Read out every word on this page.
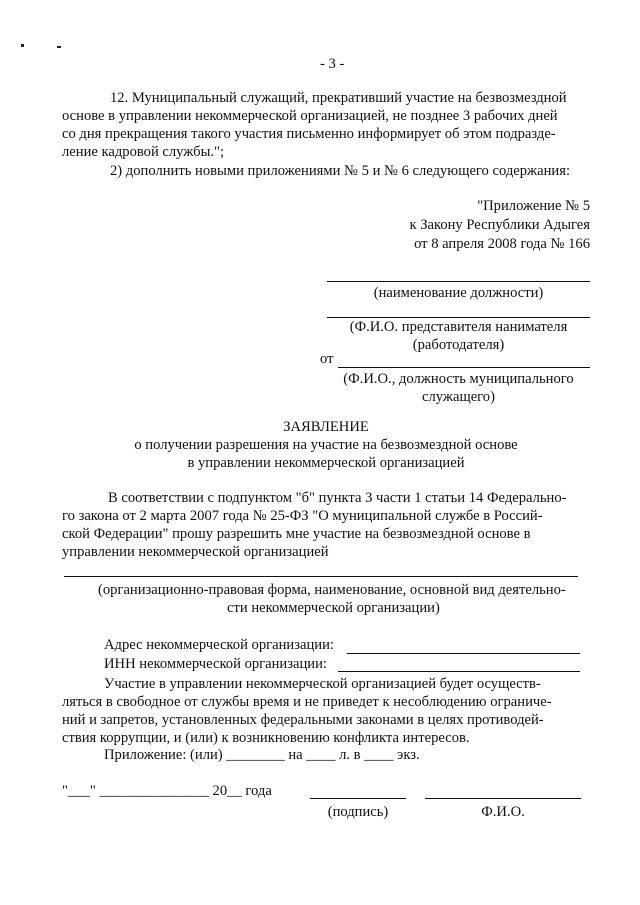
- 3 -
12. Муниципальный служащий, прекративший участие на безвозмездной
основе в управлении некоммерческой организацией, не позднее 3 рабочих дней
со дня прекращения такого участия письменно информирует об этом подразде-
ление кадровой службы.";
2) дополнить новыми приложениями № 5 и № 6 следующего содержания:
"Приложение № 5
к Закону Республики Адыгея
от 8 апреля 2008 года № 166
(наименование должности)
(Ф.И.О. представителя нанимателя
(работодателя)
от
(Ф.И.О., должность муниципального
служащего)
ЗАЯВЛЕНИЕ
о получении разрешения на участие на безвозмездной основе
в управлении некоммерческой организацией
В соответствии с подпунктом "б" пункта 3 части 1 статьи 14 Федерально-
го закона от 2 марта 2007 года № 25-ФЗ "О муниципальной службе в Россий-
ской Федерации" прошу разрешить мне участие на безвозмездной основе в
управлении некоммерческой организацией
(организационно-правовая форма, наименование, основной вид деятельно-
сти некоммерческой организации)
Адрес некоммерческой организации:
ИНН некоммерческой организации:
Участие в управлении некоммерческой организацией будет осуществ-
ляться в свободное от службы время и не приведет к несоблюдению ограниче-
ний и запретов, установленных федеральными законами в целях противодей-
ствия коррупции, и (или) к возникновению конфликта интересов.
Приложение: (или) ________ на ____ л. в ____ экз.
"___" _______________ 20__ года
(подпись)	Ф.И.О.
